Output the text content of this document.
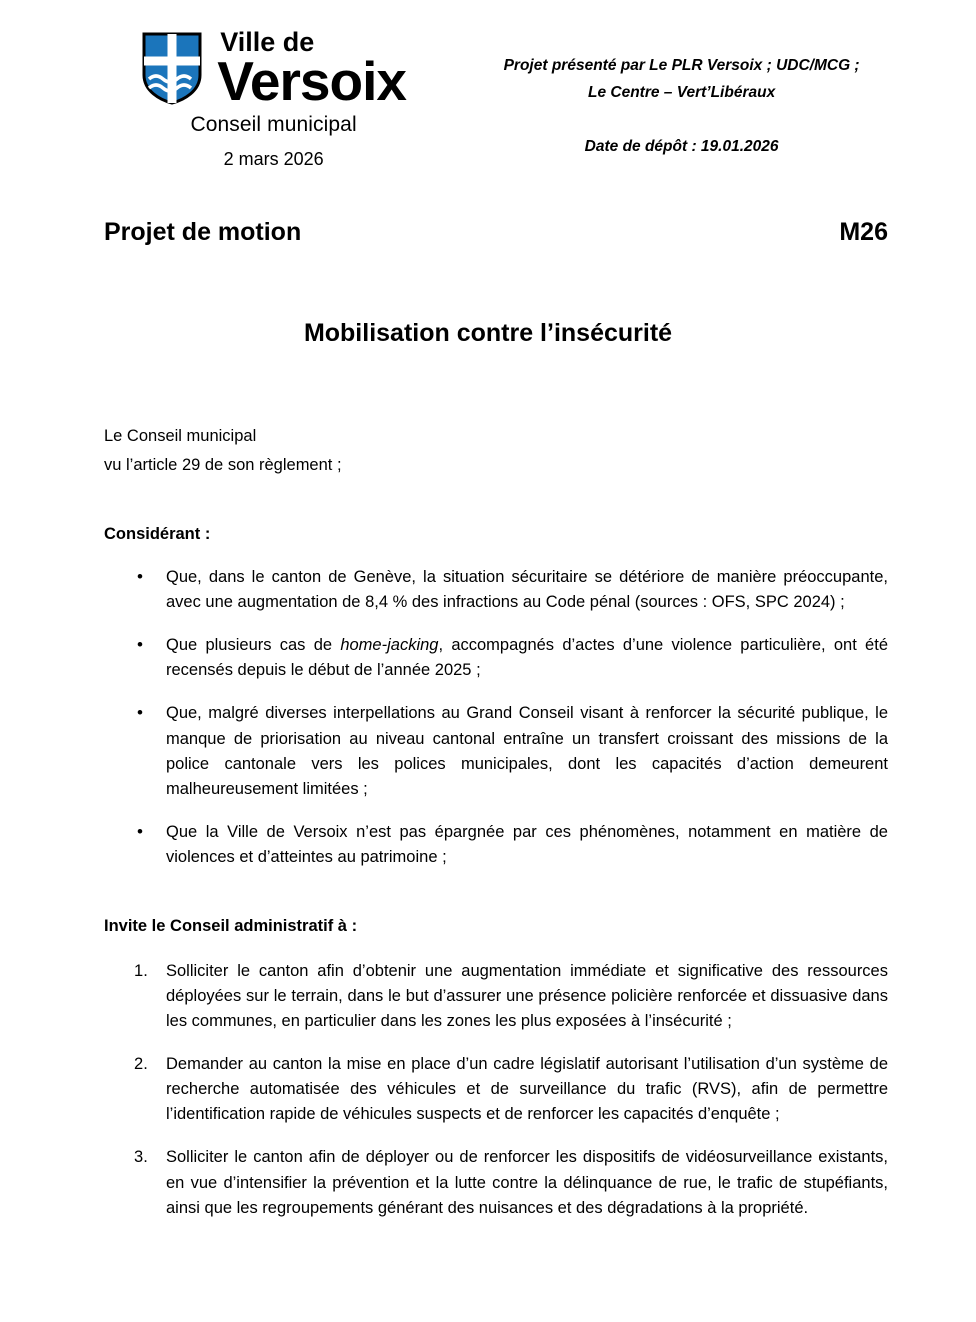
Ville de
Versoix
Conseil municipal
2 mars 2026
Projet présenté par Le PLR Versoix ; UDC/MCG ;
Le Centre – Vert’Libéraux
Date de dépôt : 19.01.2026
Projet de motion	M26
Mobilisation contre l’insécurité
Le Conseil municipal
vu l’article 29 de son règlement ;
Considérant :
• Que, dans le canton de Genève, la situation sécuritaire se détériore de manière préoccupante, avec une augmentation de 8,4 % des infractions au Code pénal (sources : OFS, SPC 2024) ;
• Que plusieurs cas de home-jacking, accompagnés d’actes d’une violence particulière, ont été recensés depuis le début de l’année 2025 ;
• Que, malgré diverses interpellations au Grand Conseil visant à renforcer la sécurité publique, le manque de priorisation au niveau cantonal entraîne un transfert croissant des missions de la police cantonale vers les polices municipales, dont les capacités d’action demeurent malheureusement limitées ;
• Que la Ville de Versoix n’est pas épargnée par ces phénomènes, notamment en matière de violences et d’atteintes au patrimoine ;
Invite le Conseil administratif à :
Solliciter le canton afin d’obtenir une augmentation immédiate et significative des ressources déployées sur le terrain, dans le but d’assurer une présence policière renforcée et dissuasive dans les communes, en particulier dans les zones les plus exposées à l’insécurité ;
Demander au canton la mise en place d’un cadre législatif autorisant l’utilisation d’un système de recherche automatisée des véhicules et de surveillance du trafic (RVS), afin de permettre l’identification rapide de véhicules suspects et de renforcer les capacités d’enquête ;
Solliciter le canton afin de déployer ou de renforcer les dispositifs de vidéosurveillance existants, en vue d’intensifier la prévention et la lutte contre la délinquance de rue, le trafic de stupéfiants, ainsi que les regroupements générant des nuisances et des dégradations à la propriété.
